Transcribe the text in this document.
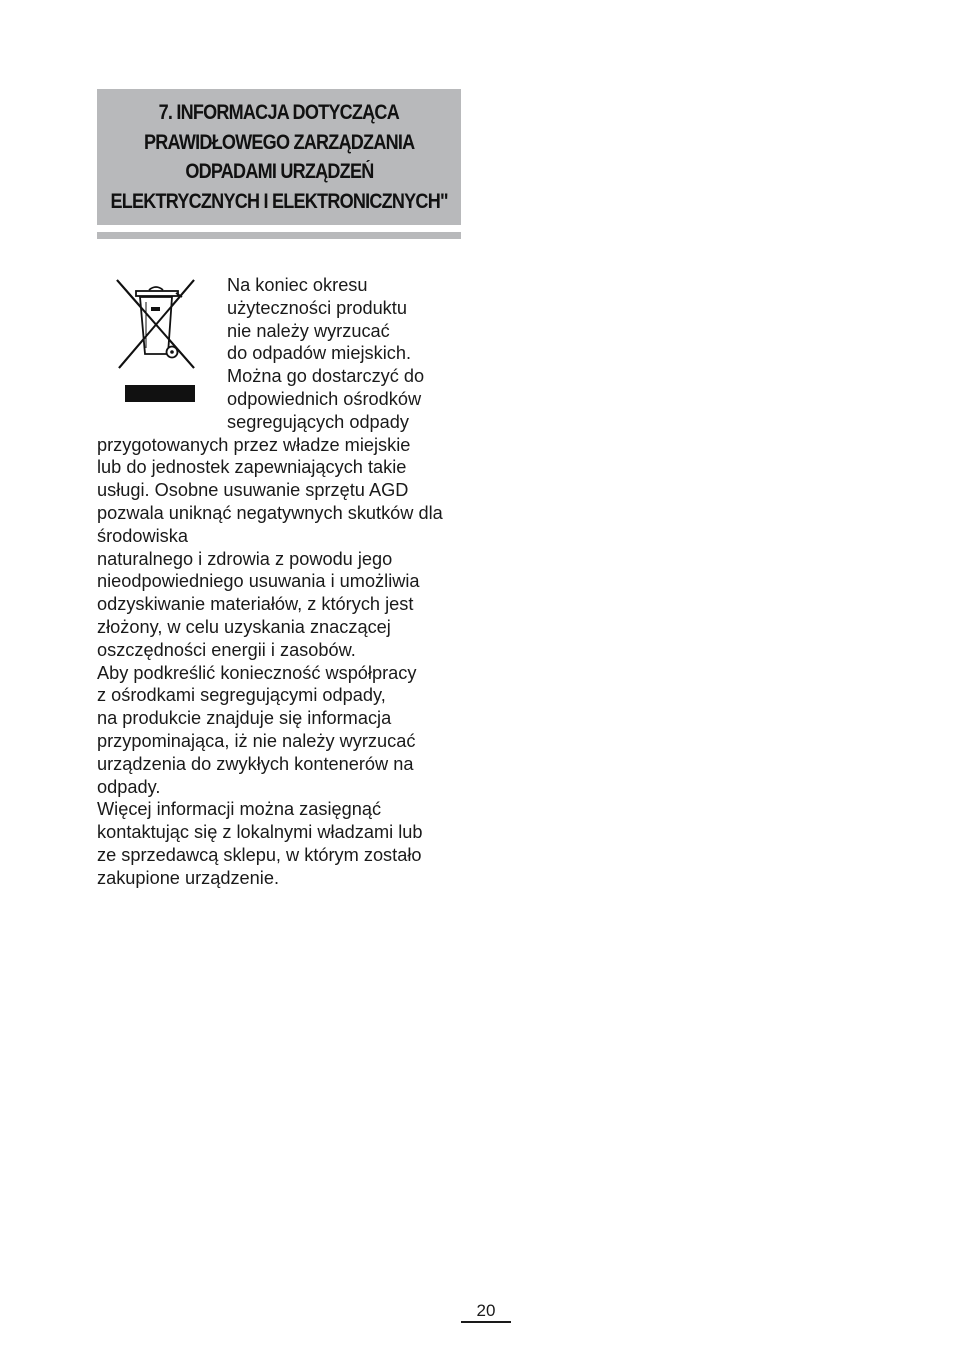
7. INFORMACJA DOTYCZĄCA
PRAWIDŁOWEGO ZARZĄDZANIA
ODPADAMI URZĄDZEŃ
ELEKTRYCZNYCH I ELEKTRONICZNYCH"
Na koniec okresu
użyteczności produktu
nie należy wyrzucać
do odpadów miejskich.
Można go dostarczyć do
odpowiednich ośrodków
segregujących odpady
przygotowanych przez władze miejskie
lub do jednostek zapewniających takie
usługi. Osobne usuwanie sprzętu AGD
pozwala uniknąć negatywnych skutków dla
środowiska
naturalnego i zdrowia z powodu jego
nieodpowiedniego usuwania i umożliwia
odzyskiwanie materiałów, z których jest
złożony, w celu uzyskania znaczącej
oszczędności energii i zasobów.
Aby podkreślić konieczność współpracy
z ośrodkami segregującymi odpady,
na produkcie znajduje się informacja
przypominająca, iż nie należy wyrzucać
urządzenia do zwykłych kontenerów na
odpady.
Więcej informacji można zasięgnąć
kontaktując się z lokalnymi władzami lub
ze sprzedawcą sklepu, w którym zostało
zakupione urządzenie.
20
